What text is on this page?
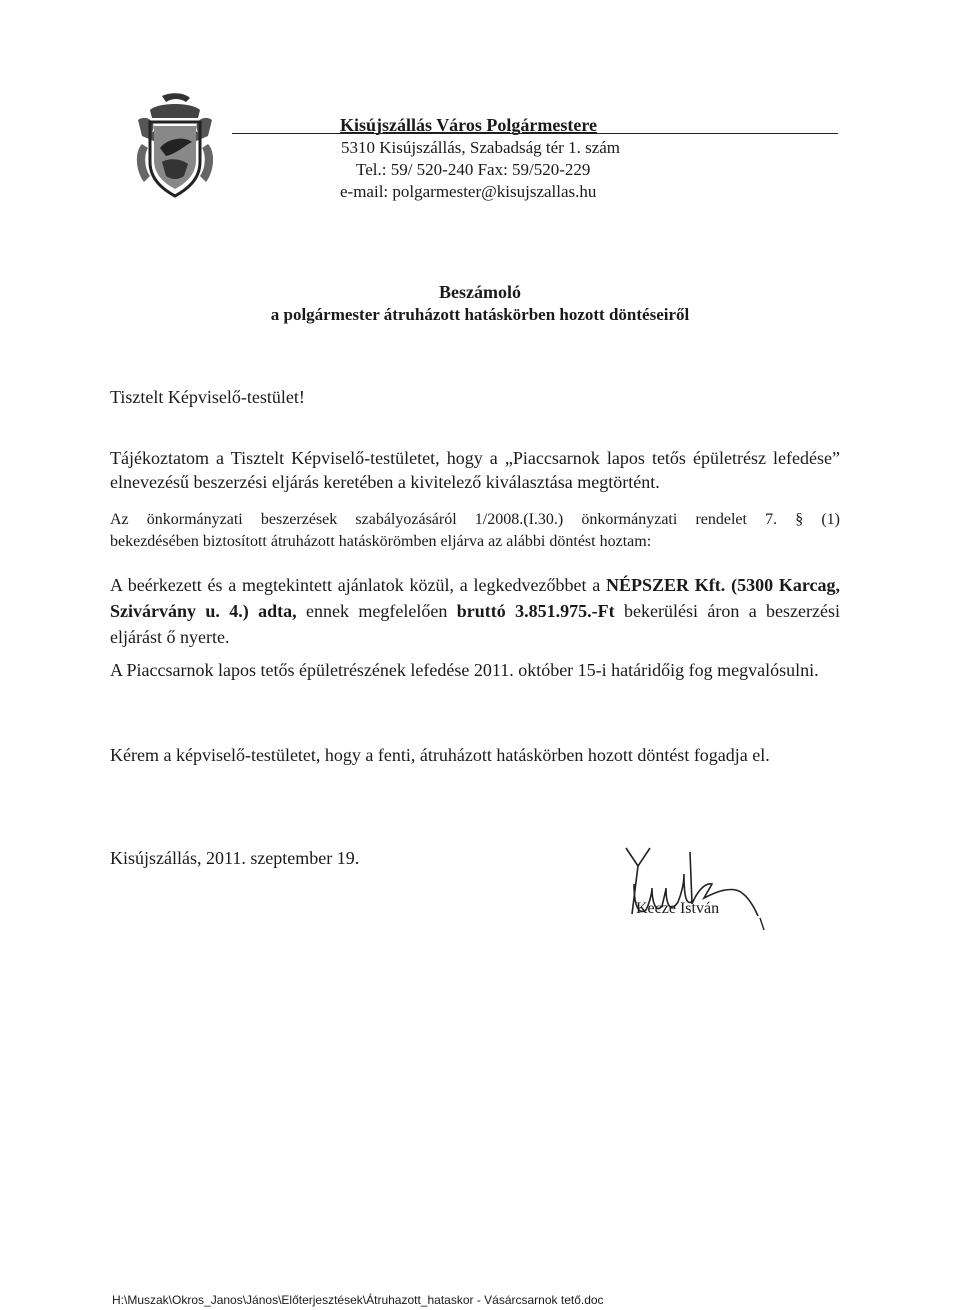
Kisújszállás Város Polgármestere
5310 Kisújszállás, Szabadság tér 1. szám
Tel.: 59/ 520-240 Fax: 59/520-229
e-mail: polgarmester@kisujszallas.hu
Beszámoló
a polgármester átruházott hatáskörben hozott döntéseiről
Tisztelt Képviselő-testület!
Tájékoztatom a Tisztelt Képviselő-testületet, hogy a „Piaccsarnok lapos tetős épületrész lefedése”
elnevezésű beszerzési eljárás keretében a kivitelező kiválasztása megtörtént.
Az önkormányzati beszerzések szabályozásáról 1/2008.(I.30.) önkormányzati rendelet 7. § (1)
bekezdésében biztosított átruházott hatáskörömben eljárva az alábbi döntést hoztam:
A beérkezett és a megtekintett ajánlatok közül, a legkedvezőbbet a NÉPSZER Kft. (5300 Karcag, Szivárvány u. 4.) adta, ennek megfelelően bruttó 3.851.975.-Ft bekerülési áron a beszerzési eljárást ő nyerte.
A Piaccsarnok lapos tetős épületrészének lefedése 2011. október 15-i határidőig fog megvalósulni.
Kérem a képviselő-testületet, hogy a fenti, átruházott hatáskörben hozott döntést fogadja el.
Kisújszállás, 2011. szeptember 19.
Kecze István
H:\Muszak\Okros_Janos\János\Előterjesztések\Átruhazott_hataskor - Vásárcsarnok tető.doc
